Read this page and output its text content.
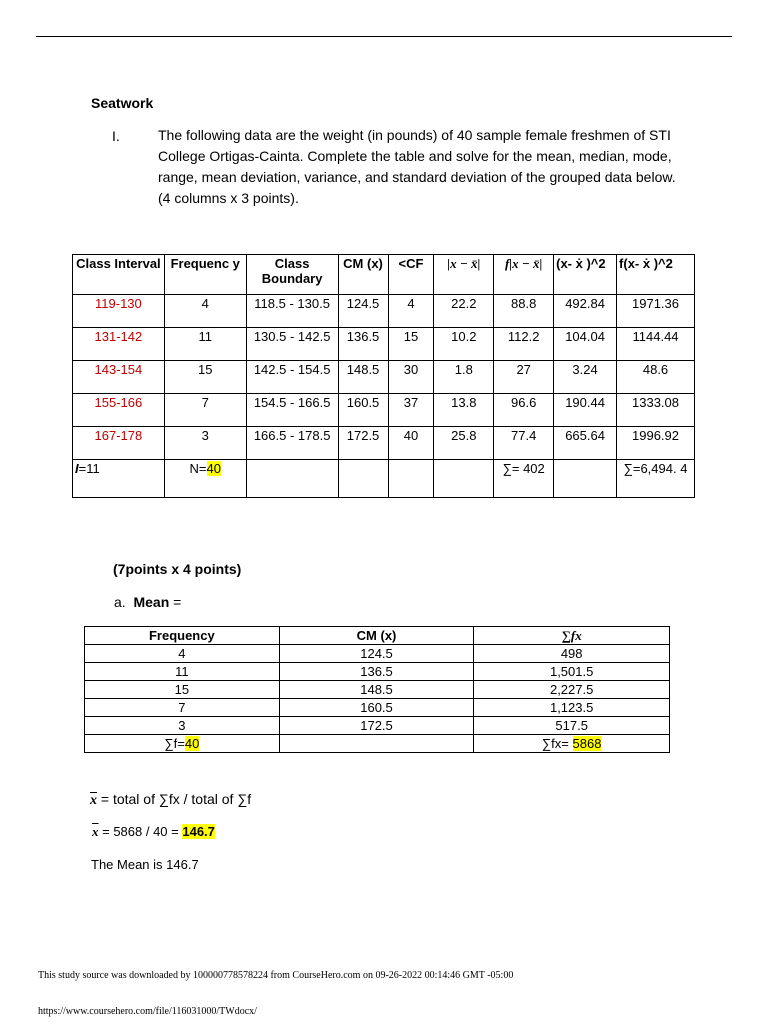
Seatwork
I.	The following data are the weight (in pounds) of 40 sample female freshmen of STI College Ortigas-Cainta. Complete the table and solve for the mean, median, mode, range, mean deviation, variance, and standard deviation of the grouped data below. (4 columns x 3 points).
Class Interval	Frequenc y	Class Boundary	CM (x)	<CF	|x − x̄|	f|x − x̄|	(x- ẋ )^2	f(x- ẋ )^2
119-130	4	118.5 - 130.5	124.5	4	22.2	88.8	492.84	1971.36
131-142	11	130.5 - 142.5	136.5	15	10.2	112.2	104.04	1144.44
143-154	15	142.5 - 154.5	148.5	30	1.8	27	3.24	48.6
155-166	7	154.5 - 166.5	160.5	37	13.8	96.6	190.44	1333.08
167-178	3	166.5 - 178.5	172.5	40	25.8	77.4	665.64	1996.92
I=11	N=40					∑= 402		∑=6,494. 4
(7points x 4 points)
a. Mean =
Frequency	CM (x)	∑fx
4	124.5	498
11	136.5	1,501.5
15	148.5	2,227.5
7	160.5	1,123.5
3	172.5	517.5
∑f=40		∑fx= 5868
$\overline{x}$ = total of ∑fx / total of ∑f
$\overline{x} = 5868 / 40 = 146.7$
The Mean is 146.7
This study source was downloaded by 100000778578224 from CourseHero.com on 09-26-2022 00:14:46 GMT -05:00
https://www.coursehero.com/file/116031000/TWdocx/
